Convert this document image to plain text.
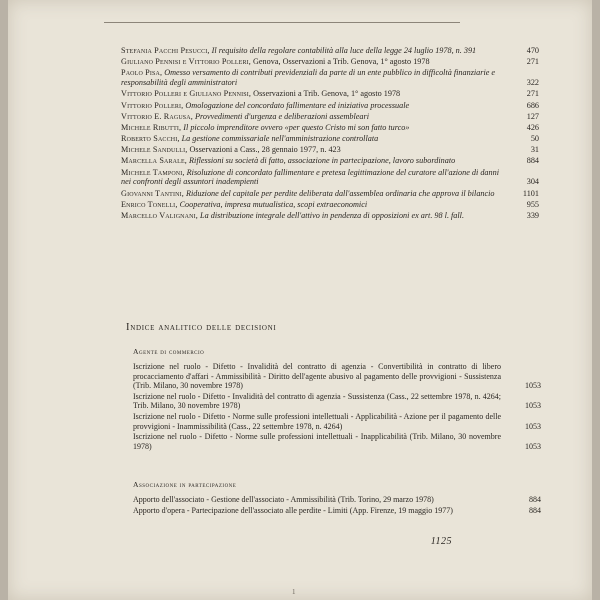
Stefania Pacchi Pesucci, Il requisito della regolare contabilità alla luce della legge 24 luglio 1978, n. 391	470
Giuliano Pennisi e Vittorio Polleri, Genova, Osservazioni a Trib. Genova, 1° agosto 1978	271
Paolo Pisa, Omesso versamento di contributi previdenziali da parte di un ente pubblico in difficoltà finanziarie e responsabilità degli amministratori	322
Vittorio Polleri e Giuliano Pennisi, Osservazioni a Trib. Genova, 1° agosto 1978	271
Vittorio Polleri, Omologazione del concordato fallimentare ed iniziativa processuale	686
Vittorio E. Ragusa, Provvedimenti d'urgenza e deliberazioni assembleari	127
Michele Ributti, Il piccolo imprenditore ovvero «per questo Cristo mi son fatto turco»	426
Roberto Sacchi, La gestione commissariale nell'amministrazione controllata	50
Michele Sandulli, Osservazioni a Cass., 28 gennaio 1977, n. 423	31
Marcella Sarale, Riflessioni su società di fatto, associazione in partecipazione, lavoro subordinato	884
Michele Tamponi, Risoluzione di concordato fallimentare e pretesa legittimazione del curatore all'azione di danni nei confronti degli assuntori inadempienti	304
Giovanni Tantini, Riduzione del capitale per perdite deliberata dall'assemblea ordinaria che approva il bilancio	1101
Enrico Tonelli, Cooperativa, impresa mutualistica, scopi extraeconomici	955
Marcello Valignani, La distribuzione integrale dell'attivo in pendenza di opposizioni ex art. 98 l. fall.	339
Indice analitico delle decisioni
Agente di commercio
Iscrizione nel ruolo - Difetto - Invalidità del contratto di agenzia - Convertibilità in contratto di libero procacciamento d'affari - Ammissibilità - Diritto dell'agente abusivo al pagamento delle provvigioni - Sussistenza (Trib. Milano, 30 novembre 1978)	1053
Iscrizione nel ruolo - Difetto - Invalidità del contratto di agenzia - Sussistenza (Cass., 22 settembre 1978, n. 4264; Trib. Milano, 30 novembre 1978)	1053
Iscrizione nel ruolo - Difetto - Norme sulle professioni intellettuali - Applicabilità - Azione per il pagamento delle provvigioni - Inammissibilità (Cass., 22 settembre 1978, n. 4264)	1053
Iscrizione nel ruolo - Difetto - Norme sulle professioni intellettuali - Inapplicabilità (Trib. Milano, 30 novembre 1978)	1053
Associazione in partecipazione
Apporto dell'associato - Gestione dell'associato - Ammissibilità (Trib. Torino, 29 marzo 1978)	884
Apporto d'opera - Partecipazione dell'associato alle perdite - Limiti (App. Firenze, 19 maggio 1977)	884
1125
1
